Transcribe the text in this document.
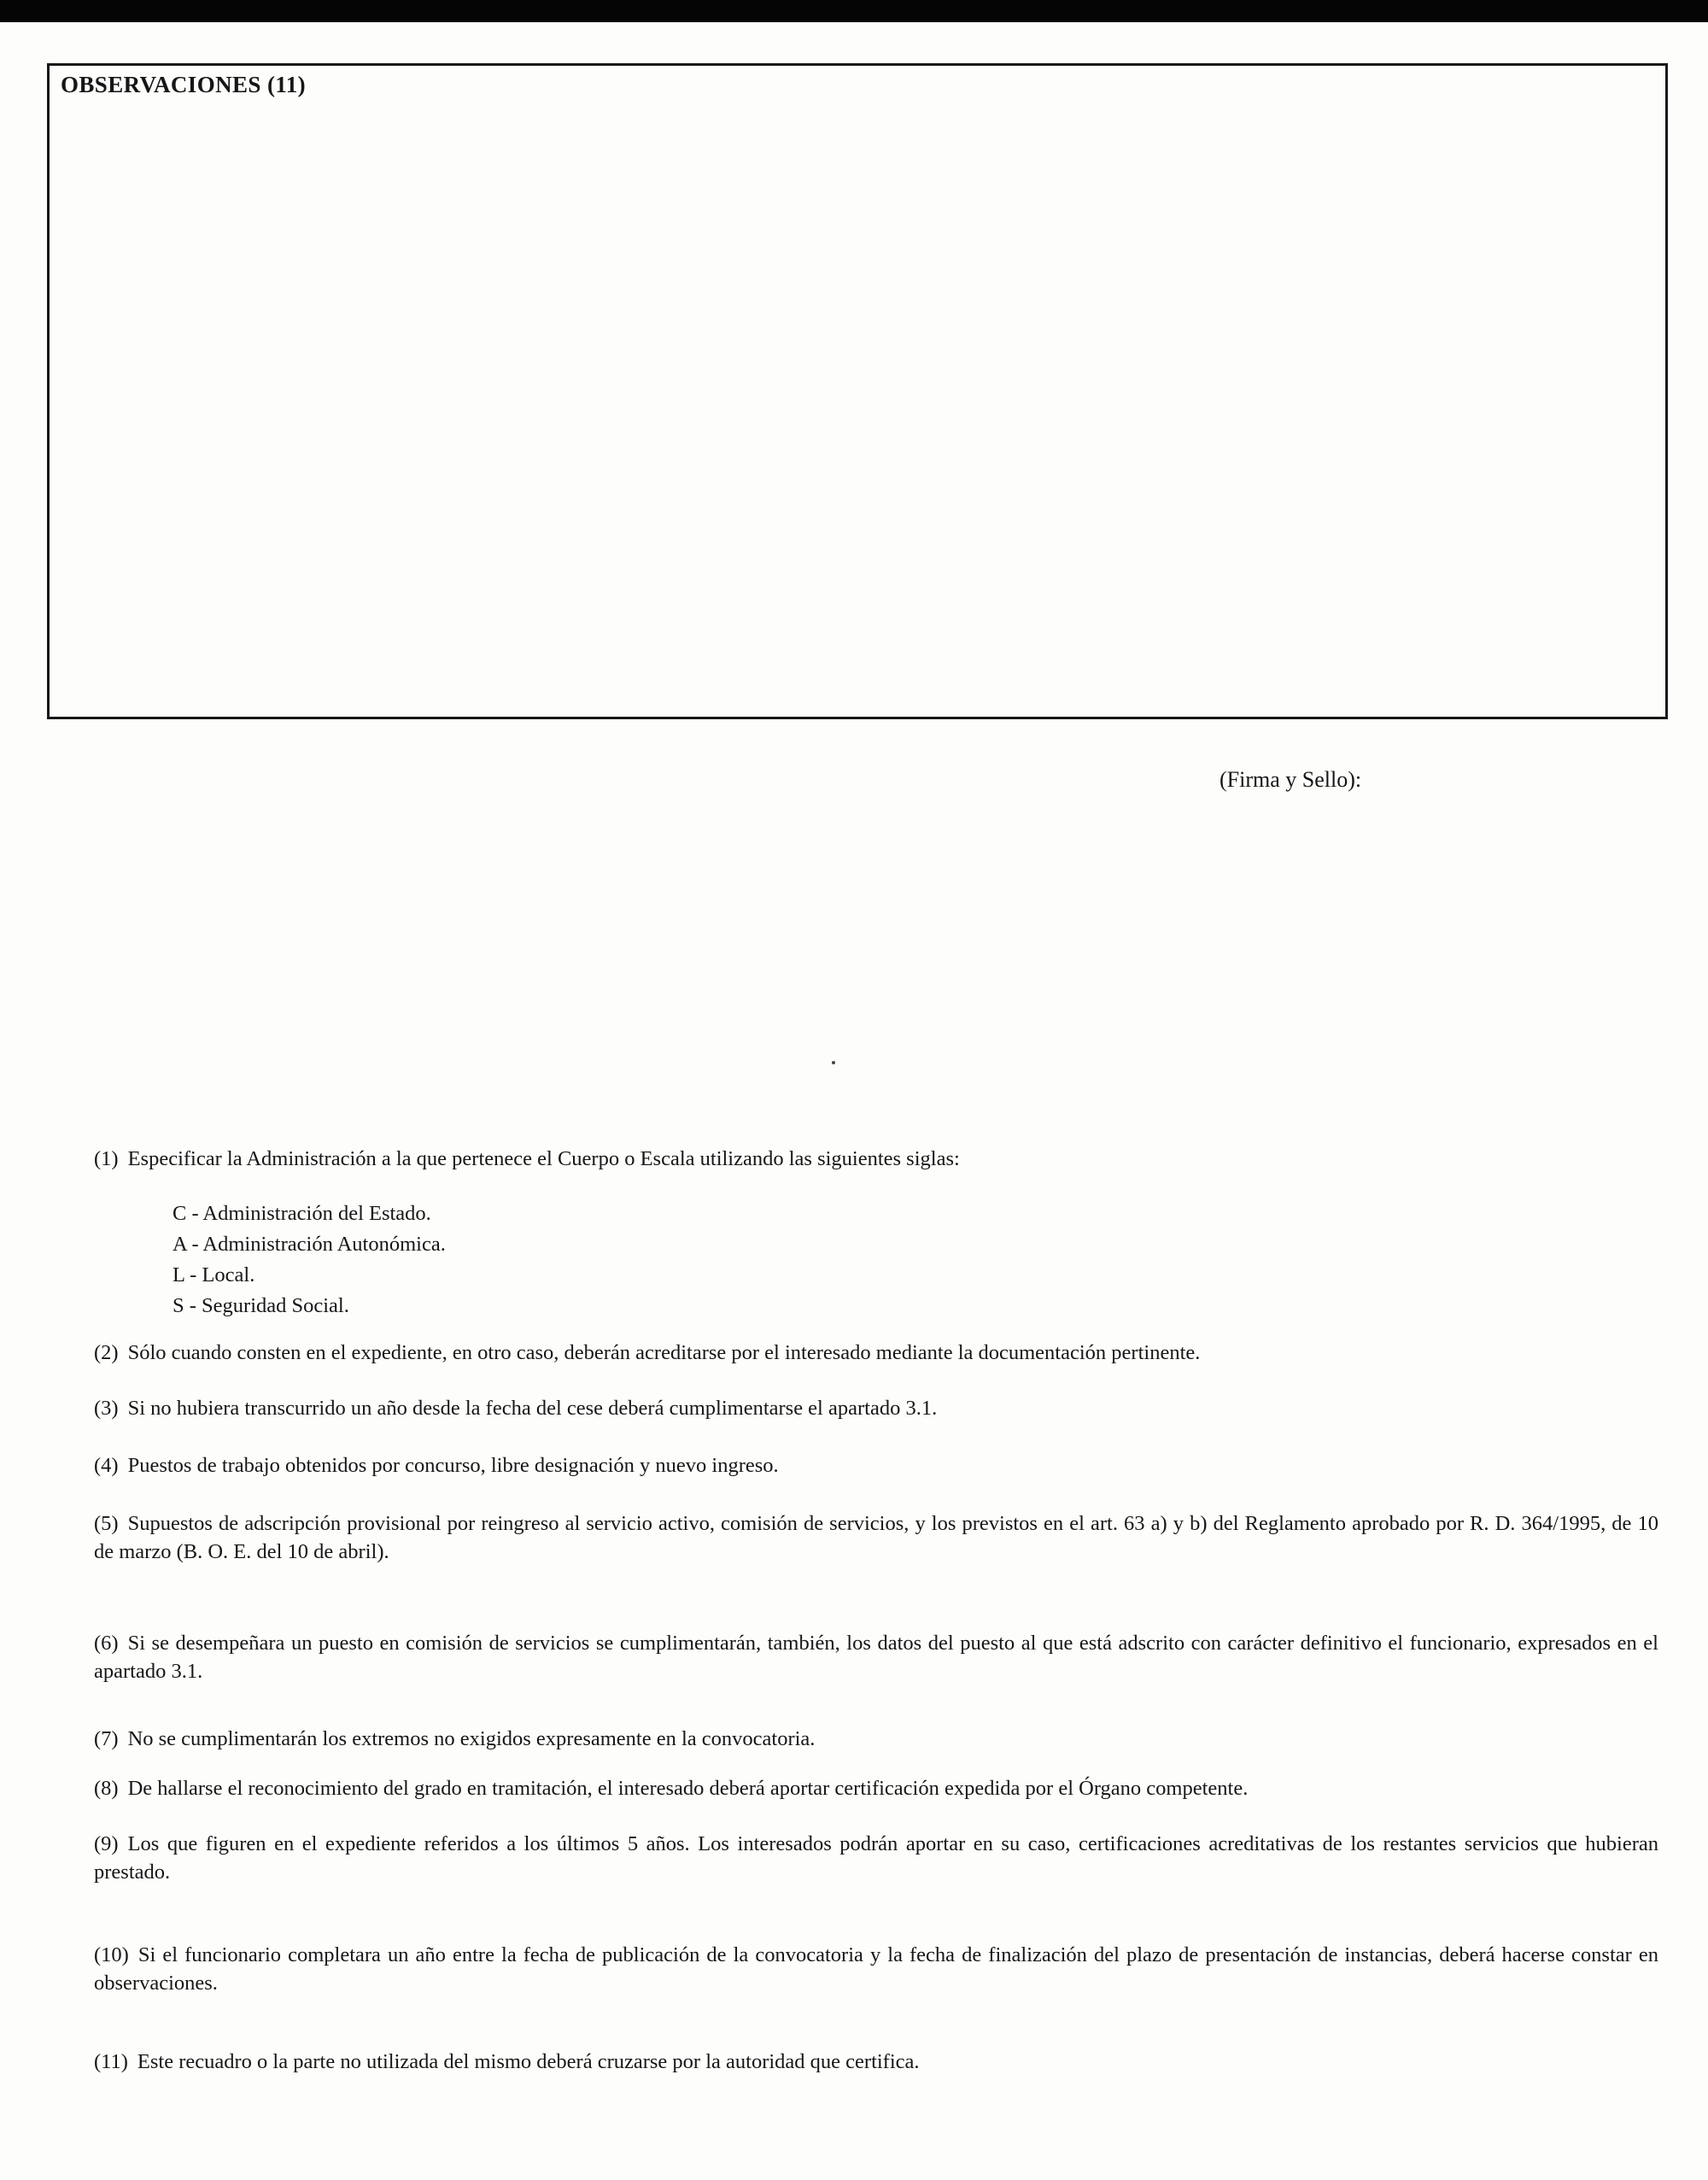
OBSERVACIONES (11)
(Firma y Sello):

(1) Especificar la Administración a la que pertenece el Cuerpo o Escala utilizando las siguientes siglas:

C - Administración del Estado.
A - Administración Autonómica.
L - Local.
S - Seguridad Social.

(2) Sólo cuando consten en el expediente, en otro caso, deberán acreditarse por el interesado mediante la documentación pertinente.

(3) Si no hubiera transcurrido un año desde la fecha del cese deberá cumplimentarse el apartado 3.1.

(4) Puestos de trabajo obtenidos por concurso, libre designación y nuevo ingreso.

(5) Supuestos de adscripción provisional por reingreso al servicio activo, comisión de servicios, y los previstos en el art. 63 a) y b) del Reglamento aprobado por R. D. 364/1995, de 10 de marzo (B. O. E. del 10 de abril).

(6) Si se desempeñara un puesto en comisión de servicios se cumplimentarán, también, los datos del puesto al que está adscrito con carácter definitivo el funcionario, expresados en el apartado 3.1.

(7) No se cumplimentarán los extremos no exigidos expresamente en la convocatoria.

(8) De hallarse el reconocimiento del grado en tramitación, el interesado deberá aportar certificación expedida por el Órgano competente.

(9) Los que figuren en el expediente referidos a los últimos 5 años. Los interesados podrán aportar en su caso, certificaciones acreditativas de los restantes servicios que hubieran prestado.

(10) Si el funcionario completara un año entre la fecha de publicación de la convocatoria y la fecha de finalización del plazo de presentación de instancias, deberá hacerse constar en observaciones.

(11) Este recuadro o la parte no utilizada del mismo deberá cruzarse por la autoridad que certifica.
